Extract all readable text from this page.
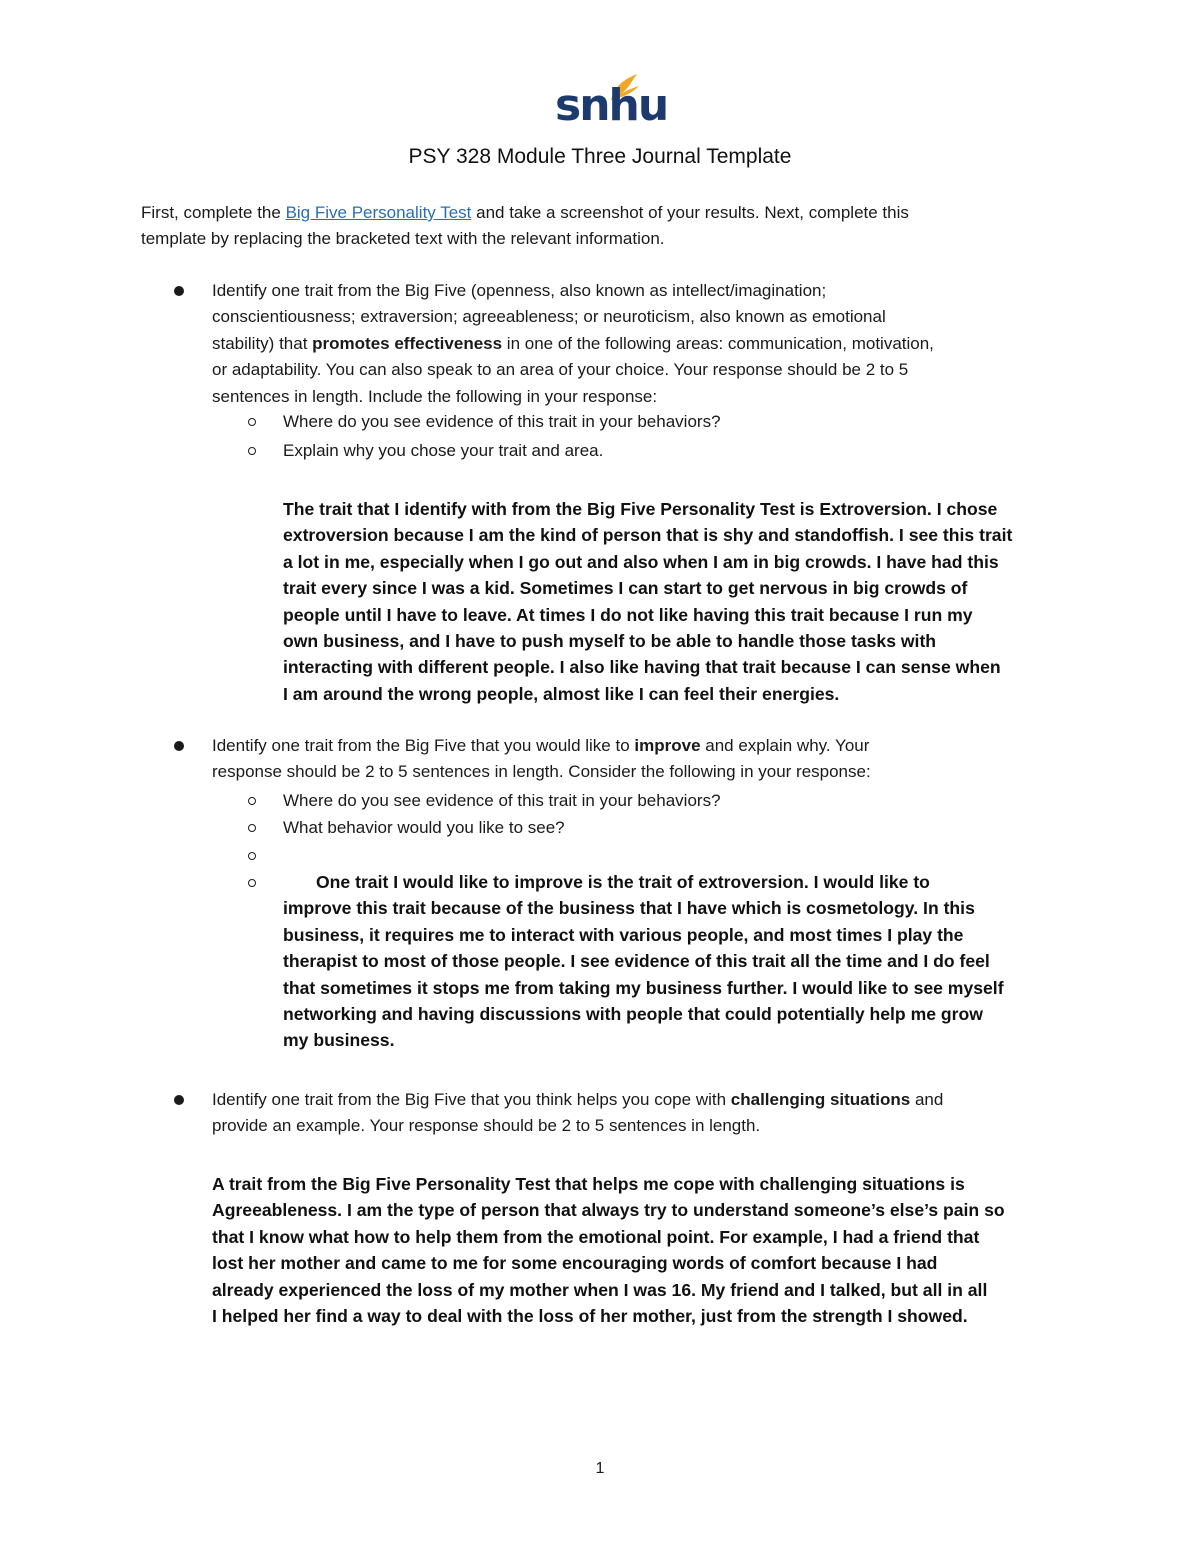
snhu
PSY 328 Module Three Journal Template
First, complete the Big Five Personality Test and take a screenshot of your results. Next, complete this
template by replacing the bracketed text with the relevant information.
Identify one trait from the Big Five (openness, also known as intellect/imagination;
conscientiousness; extraversion; agreeableness; or neuroticism, also known as emotional
stability) that promotes effectiveness in one of the following areas: communication, motivation,
or adaptability. You can also speak to an area of your choice. Your response should be 2 to 5
sentences in length. Include the following in your response:
Where do you see evidence of this trait in your behaviors?
Explain why you chose your trait and area.
The trait that I identify with from the Big Five Personality Test is Extroversion. I chose
extroversion because I am the kind of person that is shy and standoffish. I see this trait
a lot in me, especially when I go out and also when I am in big crowds. I have had this
trait every since I was a kid. Sometimes I can start to get nervous in big crowds of
people until I have to leave. At times I do not like having this trait because I run my
own business, and I have to push myself to be able to handle those tasks with
interacting with different people. I also like having that trait because I can sense when
I am around the wrong people, almost like I can feel their energies.
Identify one trait from the Big Five that you would like to improve and explain why. Your
response should be 2 to 5 sentences in length. Consider the following in your response:
Where do you see evidence of this trait in your behaviors?
What behavior would you like to see?
One trait I would like to improve is the trait of extroversion. I would like to
improve this trait because of the business that I have which is cosmetology. In this
business, it requires me to interact with various people, and most times I play the
therapist to most of those people. I see evidence of this trait all the time and I do feel
that sometimes it stops me from taking my business further. I would like to see myself
networking and having discussions with people that could potentially help me grow
my business.
Identify one trait from the Big Five that you think helps you cope with challenging situations and
provide an example. Your response should be 2 to 5 sentences in length.
A trait from the Big Five Personality Test that helps me cope with challenging situations is
Agreeableness. I am the type of person that always try to understand someone’s else’s pain so
that I know what how to help them from the emotional point. For example, I had a friend that
lost her mother and came to me for some encouraging words of comfort because I had
already experienced the loss of my mother when I was 16. My friend and I talked, but all in all
I helped her find a way to deal with the loss of her mother, just from the strength I showed.
1
